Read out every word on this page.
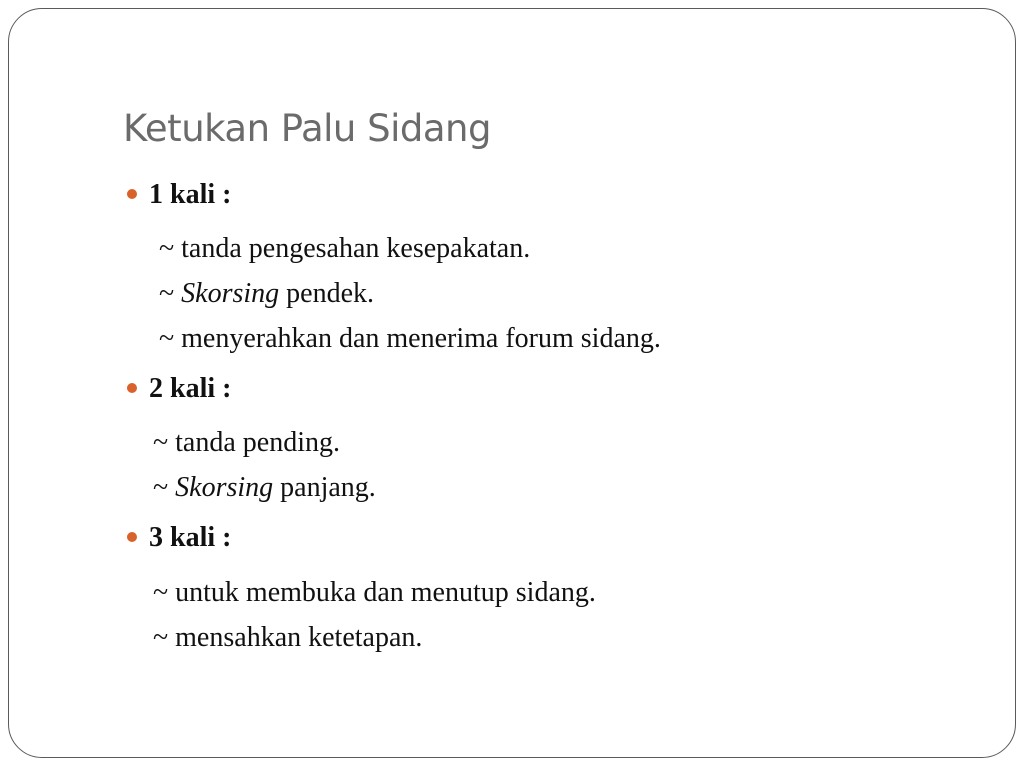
Ketukan Palu Sidang
1 kali :
~ tanda pengesahan kesepakatan.
~ Skorsing pendek.
~ menyerahkan dan menerima forum sidang.
2 kali :
~ tanda pending.
~ Skorsing panjang.
3 kali :
~ untuk membuka dan menutup sidang.
~ mensahkan ketetapan.
